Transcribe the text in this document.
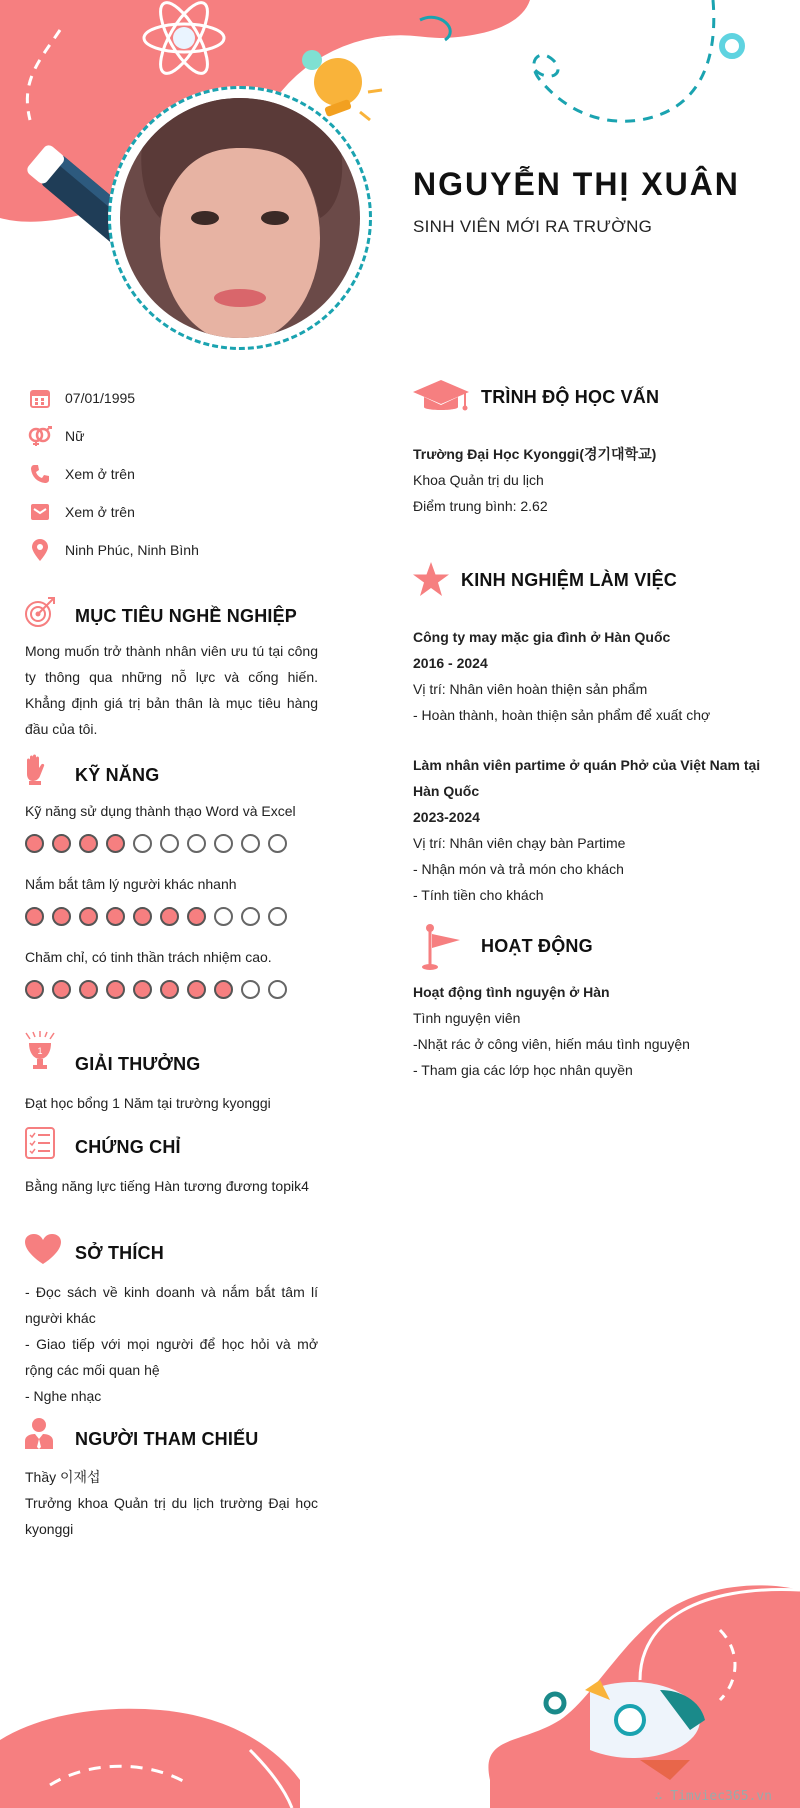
NGUYỄN THỊ XUÂN
SINH VIÊN MỚI RA TRƯỜNG
07/01/1995
Nữ
Xem ở trên
Xem ở trên
Ninh Phúc, Ninh Bình
MỤC TIÊU NGHỀ NGHIỆP
Mong muốn trở thành nhân viên ưu tú tại công ty thông qua những nỗ lực và cống hiến. Khẳng định giá trị bản thân là mục tiêu hàng đầu của tôi.
KỸ NĂNG
Kỹ năng sử dụng thành thạo Word và Excel
Nắm bắt tâm lý người khác nhanh
Chăm chỉ, có tinh thần trách nhiệm cao.
1
GIẢI THƯỞNG
Đạt học bổng 1 Năm tại trường kyonggi
CHỨNG CHỈ
Bằng năng lực tiếng Hàn tương đương topik4
SỞ THÍCH
- Đọc sách về kinh doanh và nắm bắt tâm lí người khác
- Giao tiếp với mọi người để học hỏi và mở rộng các mối quan hệ
- Nghe nhạc
NGƯỜI THAM CHIẾU
Thầy 이재섭
Trưởng khoa Quản trị du lịch trường Đại học kyonggi
TRÌNH ĐỘ HỌC VẤN
Trường Đại Học Kyonggi(경기대학교)
Khoa Quản trị du lịch
Điểm trung bình: 2.62
KINH NGHIỆM LÀM VIỆC
Công ty may mặc gia đình ở Hàn Quốc
2016 - 2024
Vị trí: Nhân viên hoàn thiện sản phẩm
- Hoàn thành, hoàn thiện sản phẩm để xuất chợ
Làm nhân viên partime ở quán Phở của Việt Nam tại Hàn Quốc
2023-2024
Vị trí: Nhân viên chạy bàn Partime
- Nhận món và trả món cho khách
- Tính tiền cho khách
HOẠT ĐỘNG
Hoạt động tình nguyện ở Hàn
Tình nguyện viên
-Nhặt rác ở công viên, hiến máu tình nguyện
- Tham gia các lớp học nhân quyền
∴ Timviec365.vn
